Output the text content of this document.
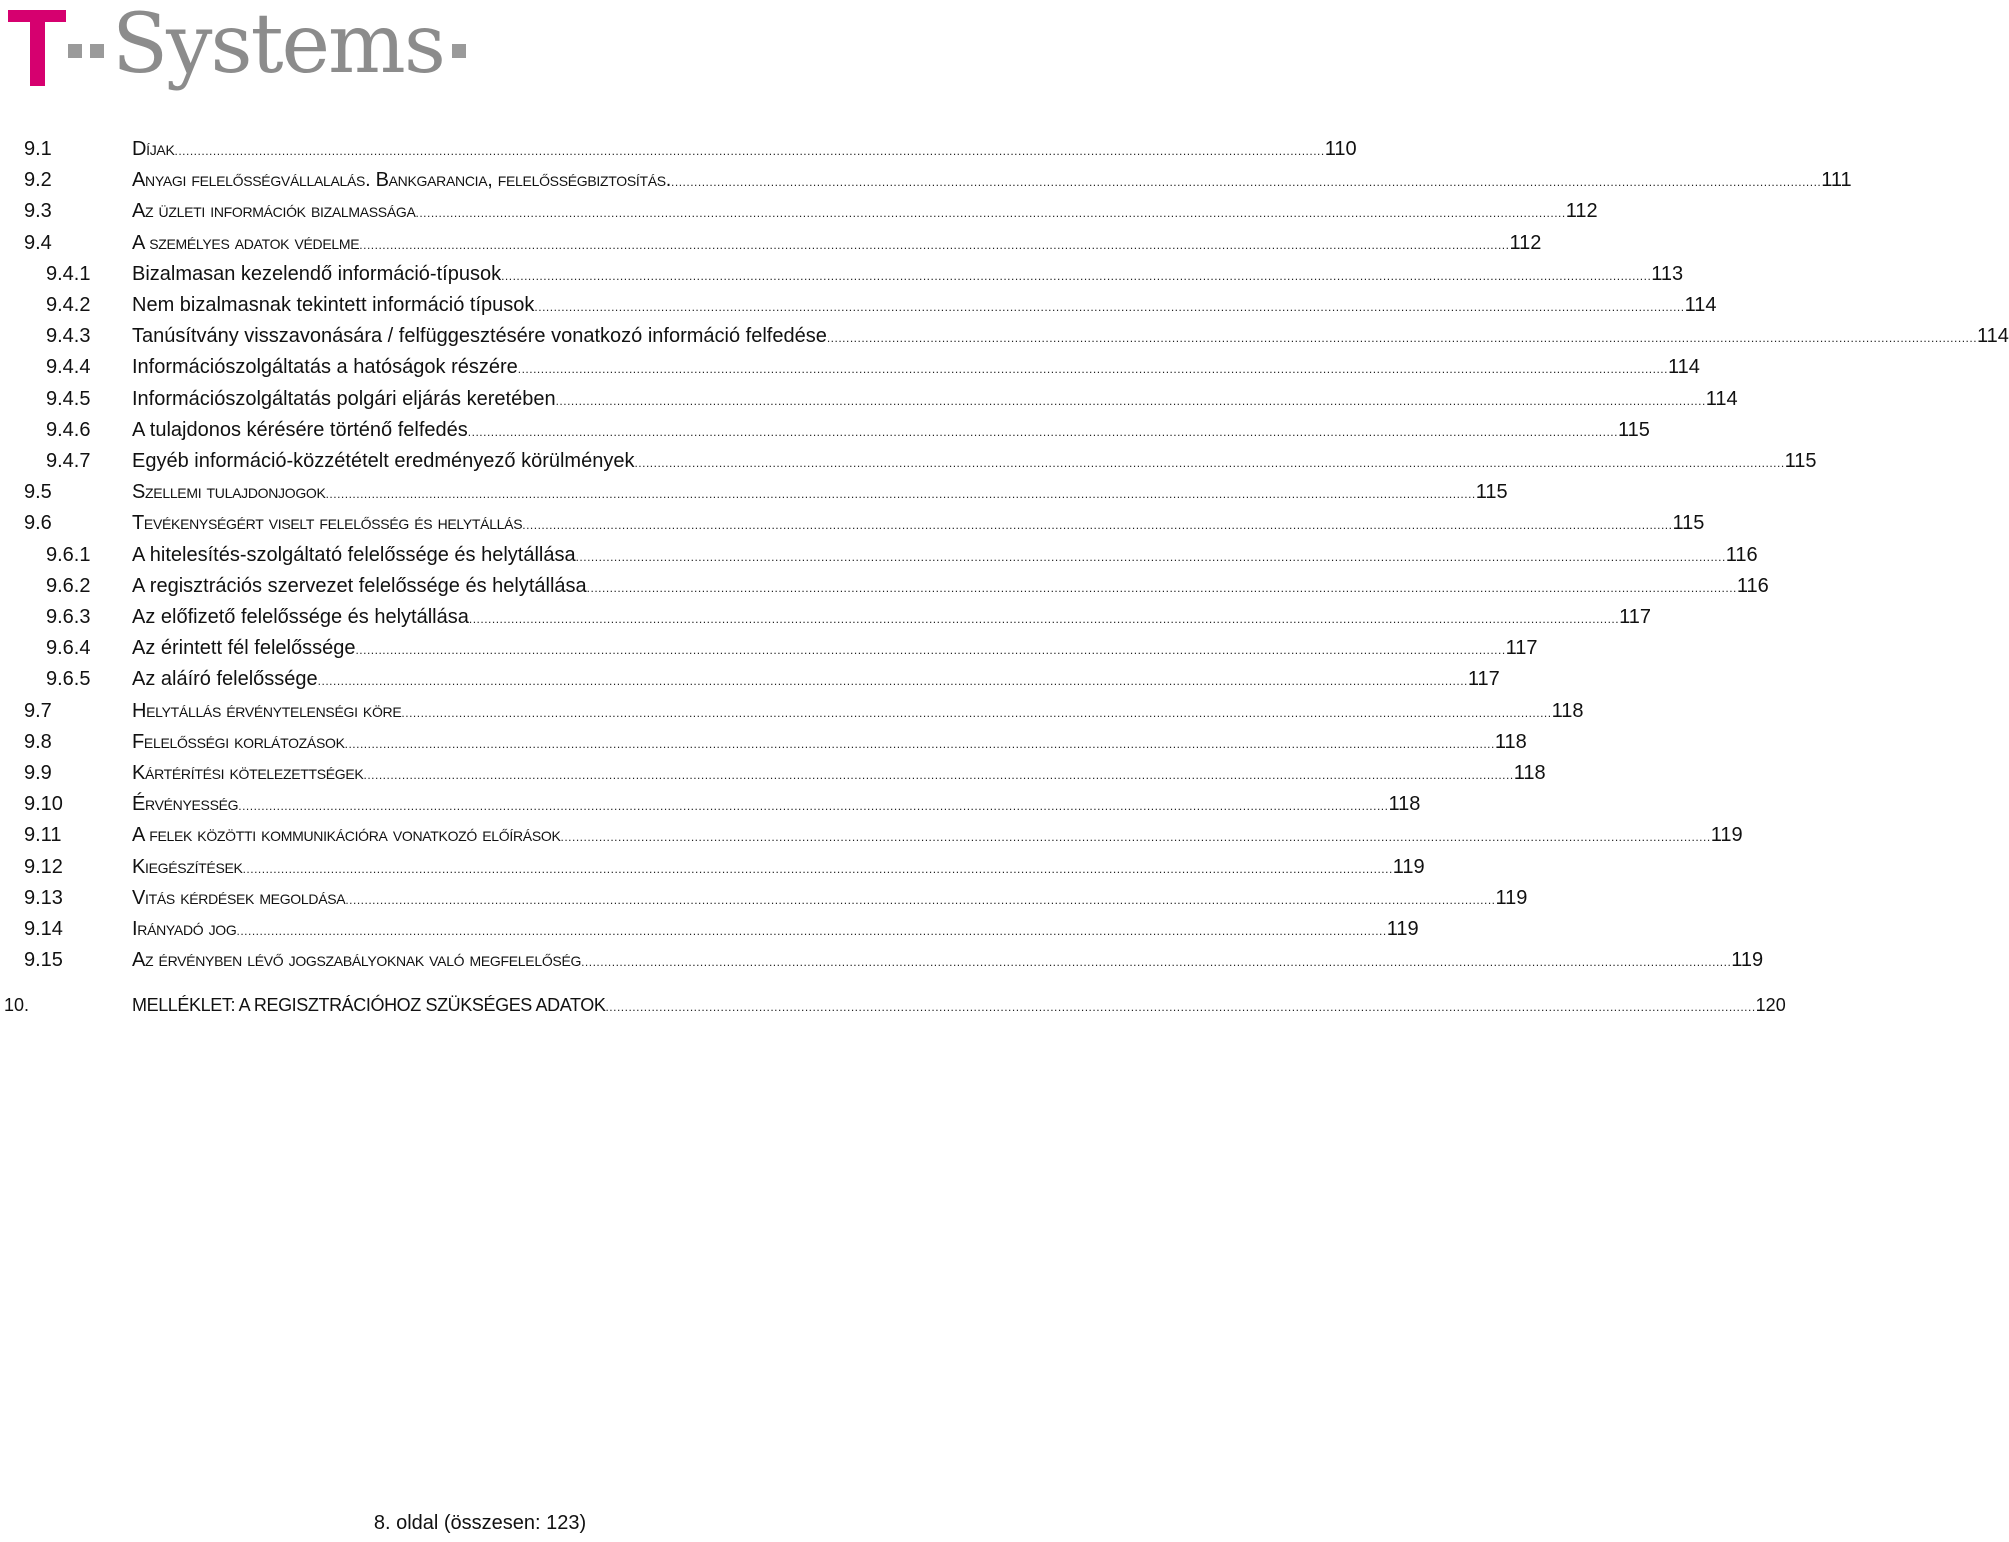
Systems
9.1	Díjak ............................................................................................................................................................................................................................................................................................................ 110
9.2	Anyagi felelősségvállalalás. Bankgarancia, felelősségbiztosítás. ............................................................................................................................................................................................................................................................................................................ 111
9.3	Az üzleti információk bizalmassága ............................................................................................................................................................................................................................................................................................................ 112
9.4	A személyes adatok védelme ............................................................................................................................................................................................................................................................................................................ 112
9.4.1 Bizalmasan kezelendő információ-típusok ............................................................................................................................................................................................................................................................................................................ 113
9.4.2 Nem bizalmasnak tekintett információ típusok ............................................................................................................................................................................................................................................................................................................ 114
9.4.3 Tanúsítvány visszavonására / felfüggesztésére vonatkozó információ felfedése ............................................................................................................................................................................................................................................................................................................ 114
9.4.4 Információszolgáltatás a hatóságok részére ............................................................................................................................................................................................................................................................................................................ 114
9.4.5 Információszolgáltatás polgári eljárás keretében ............................................................................................................................................................................................................................................................................................................ 114
9.4.6 A tulajdonos kérésére történő felfedés ............................................................................................................................................................................................................................................................................................................ 115
9.4.7 Egyéb információ-közzétételt eredményező körülmények ............................................................................................................................................................................................................................................................................................................ 115
9.5	Szellemi tulajdonjogok ............................................................................................................................................................................................................................................................................................................ 115
9.6	Tevékenységért viselt felelősség és helytállás ............................................................................................................................................................................................................................................................................................................ 115
9.6.1 A hitelesítés-szolgáltató felelőssége és helytállása ............................................................................................................................................................................................................................................................................................................ 116
9.6.2 A regisztrációs szervezet felelőssége és helytállása ............................................................................................................................................................................................................................................................................................................ 116
9.6.3 Az előfizető felelőssége és helytállása ............................................................................................................................................................................................................................................................................................................ 117
9.6.4 Az érintett fél felelőssége ............................................................................................................................................................................................................................................................................................................ 117
9.6.5 Az aláíró felelőssége ............................................................................................................................................................................................................................................................................................................ 117
9.7	Helytállás érvénytelenségi köre ............................................................................................................................................................................................................................................................................................................ 118
9.8	Felelősségi korlátozások ............................................................................................................................................................................................................................................................................................................ 118
9.9	Kártérítési kötelezettségek ............................................................................................................................................................................................................................................................................................................ 118
9.10	Érvényesség ............................................................................................................................................................................................................................................................................................................ 118
9.11	A felek közötti kommunikációra vonatkozó előírások ............................................................................................................................................................................................................................................................................................................ 119
9.12	Kiegészítések ............................................................................................................................................................................................................................................................................................................ 119
9.13	Vitás kérdések megoldása ............................................................................................................................................................................................................................................................................................................ 119
9.14	Irányadó jog ............................................................................................................................................................................................................................................................................................................ 119
9.15	Az érvényben lévő jogszabályoknak való megfelelőség ............................................................................................................................................................................................................................................................................................................ 119
10.	MELLÉKLET: A REGISZTRÁCIÓHOZ SZÜKSÉGES ADATOK ............................................................................................................................................................................................................................................................................................................ 120
8. oldal (összesen: 123)
